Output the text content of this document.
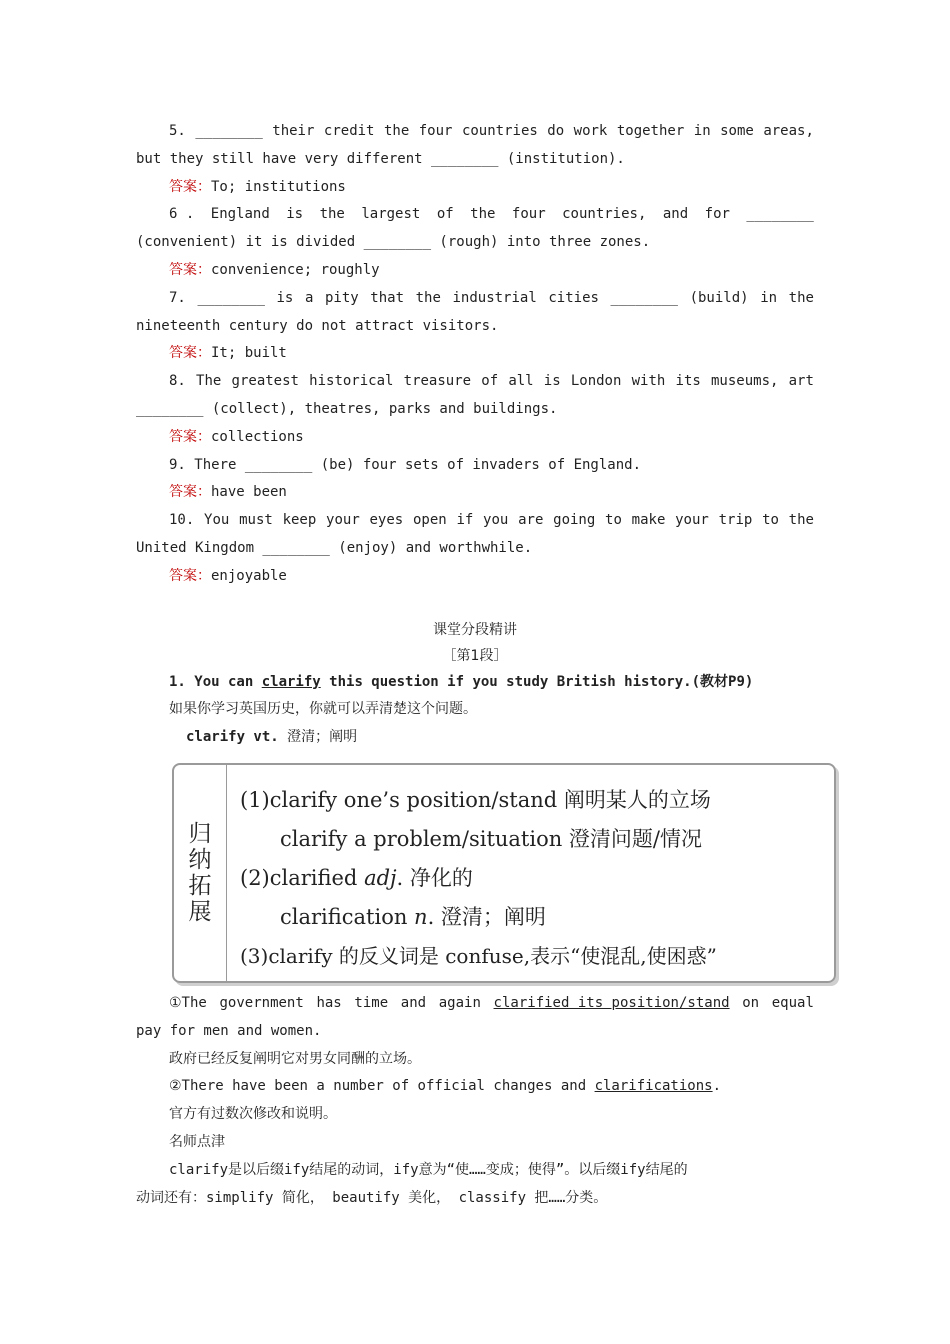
5. ________ their credit the four countries do work together in some areas,
but they still have very different ________ (institution).
答案：To; institutions
6 . England is the largest of the four countries, and for ________
(convenient) it is divided ________ (rough) into three zones.
答案：convenience; roughly
7. ________ is a pity that the industrial cities ________ (build) in the
nineteenth century do not attract visitors.
答案：It; built
8. The greatest historical treasure of all is London with its museums, art
________ (collect), theatres, parks and buildings.
答案：collections
9. There ________ (be) four sets of invaders of England.
答案：have been
10. You must keep your eyes open if you are going to make your trip to the
United Kingdom ________ (enjoy) and worthwhile.
答案：enjoyable
课堂分段精讲
［第1段］
1. You can clarify this question if you study British history.(教材P9)
如果你学习英国历史，你就可以弄清楚这个问题。
clarify vt. 澄清；阐明
归
纳
拓
展
(1)clarify one’s position/stand 阐明某人的立场
clarify a problem/situation 澄清问题/情况
(2)clarified adj. 净化的
clarification n. 澄清；阐明
(3)clarify 的反义词是 confuse,表示“使混乱,使困惑”
①The government has time and again clarified its position/stand on equal
pay for men and women.
政府已经反复阐明它对男女同酬的立场。
②There have been a number of official changes and clarifications.
官方有过数次修改和说明。
名师点津
clarify是以后缀ify结尾的动词，ify意为“使……变成；使得”。以后缀ify结尾的
动词还有：simplify 简化， beautify 美化， classify 把……分类。
